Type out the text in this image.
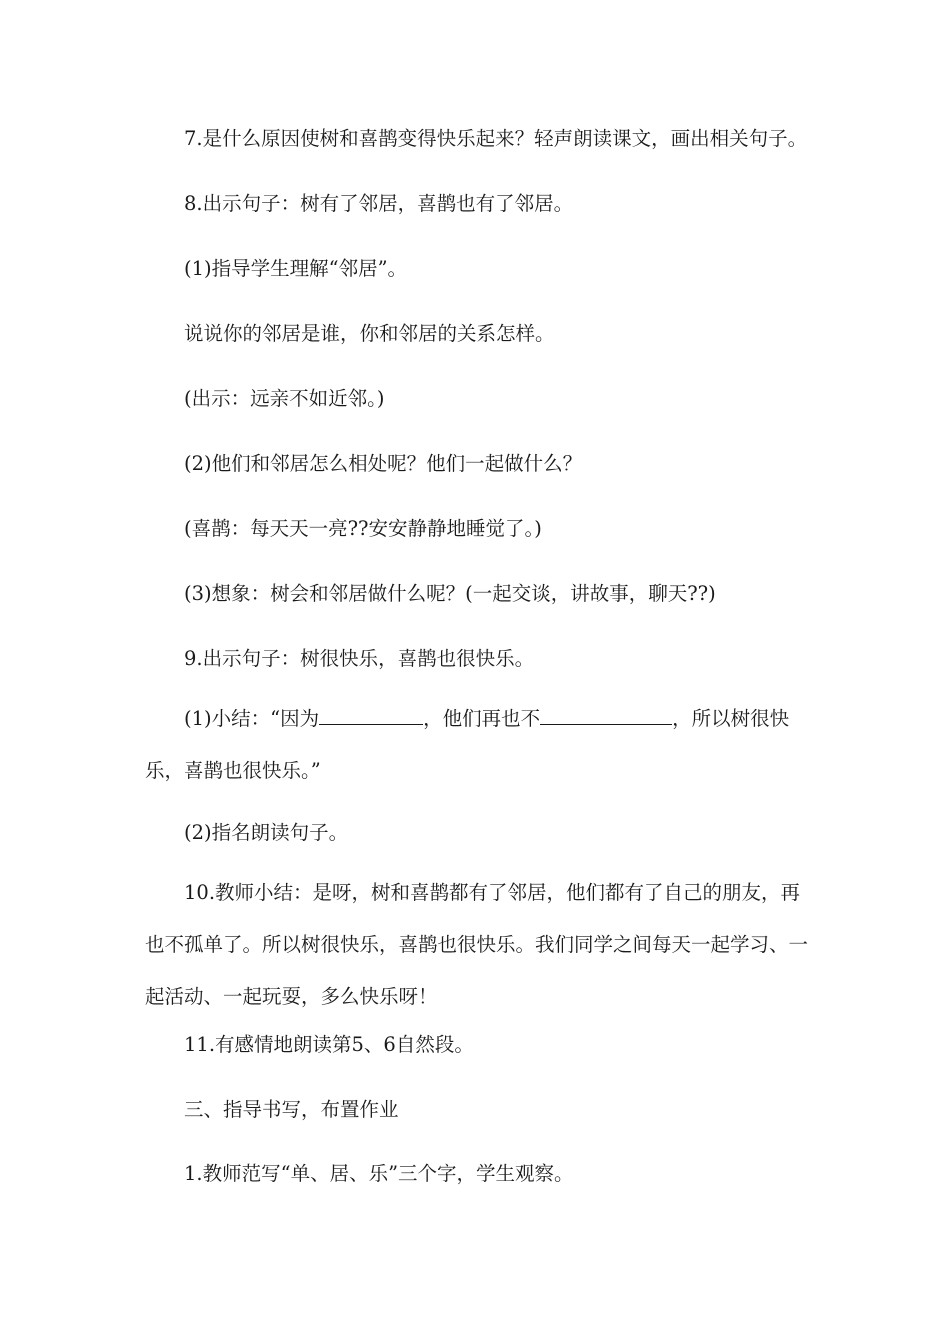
7.是什么原因使树和喜鹊变得快乐起来？轻声朗读课文，画出相关句子。
8.出示句子：树有了邻居，喜鹊也有了邻居。
(1)指导学生理解“邻居”。
说说你的邻居是谁，你和邻居的关系怎样。
(出示：远亲不如近邻。)
(2)他们和邻居怎么相处呢？他们一起做什么？
(喜鹊：每天天一亮??安安静静地睡觉了。)
(3)想象：树会和邻居做什么呢？(一起交谈，讲故事，聊天??)
9.出示句子：树很快乐，喜鹊也很快乐。
(1)小结：“因为	，他们再也不	，所以树很快乐，喜鹊也很快乐。”
(2)指名朗读句子。
10.教师小结：是呀，树和喜鹊都有了邻居，他们都有了自己的朋友，再也不孤单了。所以树很快乐，喜鹊也很快乐。我们同学之间每天一起学习、一起活动、一起玩耍，多么快乐呀！
11.有感情地朗读第5、6自然段。
三、指导书写，布置作业
1.教师范写“单、居、乐”三个字，学生观察。
